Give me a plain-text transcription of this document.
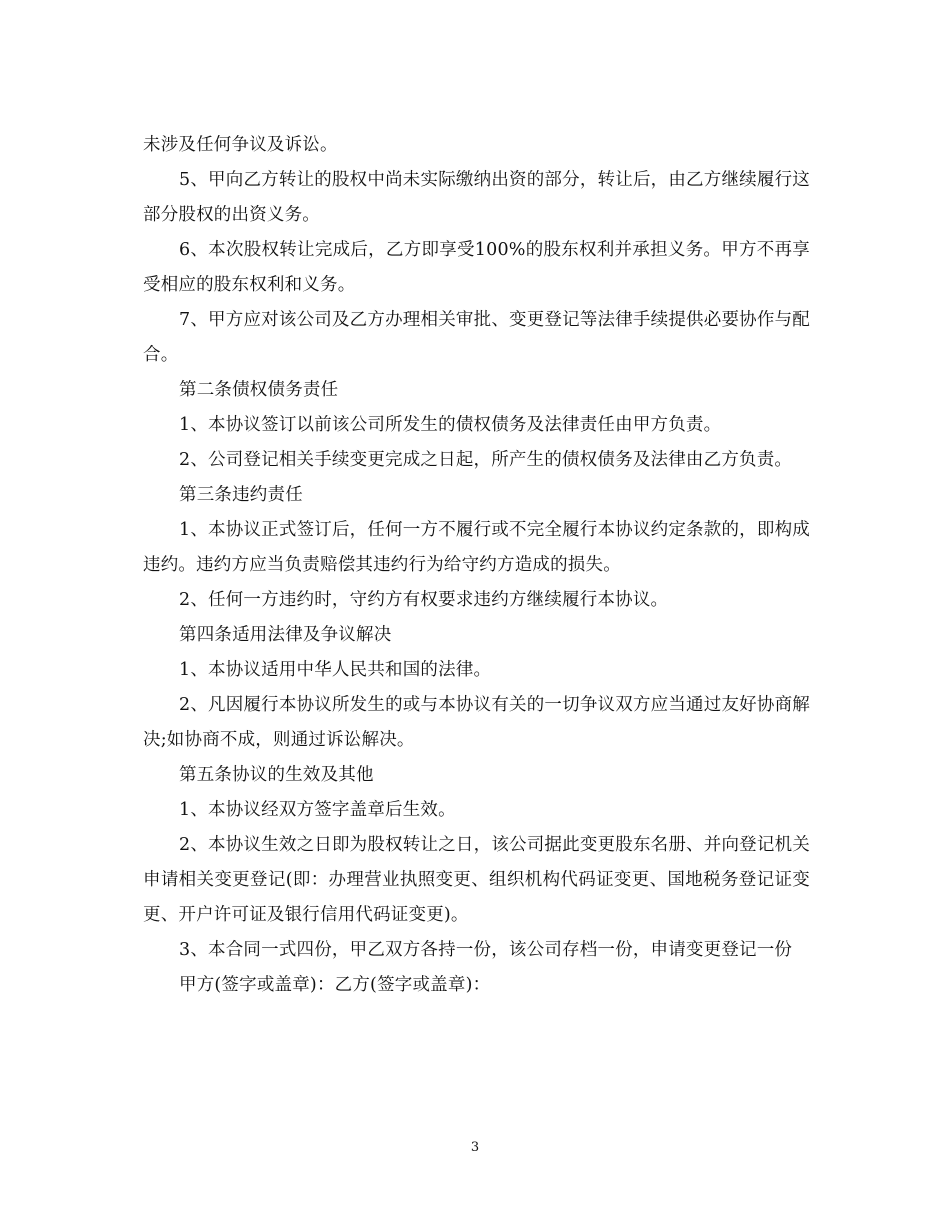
未涉及任何争议及诉讼。

5、甲向乙方转让的股权中尚未实际缴纳出资的部分，转让后，由乙方继续履行这部分股权的出资义务。

6、本次股权转让完成后，乙方即享受100%的股东权利并承担义务。甲方不再享受相应的股东权利和义务。

7、甲方应对该公司及乙方办理相关审批、变更登记等法律手续提供必要协作与配合。

第二条债权债务责任

1、本协议签订以前该公司所发生的债权债务及法律责任由甲方负责。

2、公司登记相关手续变更完成之日起，所产生的债权债务及法律由乙方负责。

第三条违约责任

1、本协议正式签订后，任何一方不履行或不完全履行本协议约定条款的，即构成违约。违约方应当负责赔偿其违约行为给守约方造成的损失。

2、任何一方违约时，守约方有权要求违约方继续履行本协议。

第四条适用法律及争议解决

1、本协议适用中华人民共和国的法律。

2、凡因履行本协议所发生的或与本协议有关的一切争议双方应当通过友好协商解决;如协商不成，则通过诉讼解决。

第五条协议的生效及其他

1、本协议经双方签字盖章后生效。

2、本协议生效之日即为股权转让之日，该公司据此变更股东名册、并向登记机关申请相关变更登记(即：办理营业执照变更、组织机构代码证变更、国地税务登记证变更、开户许可证及银行信用代码证变更)。

3、本合同一式四份，甲乙双方各持一份，该公司存档一份，申请变更登记一份

甲方(签字或盖章)：乙方(签字或盖章)：

3
